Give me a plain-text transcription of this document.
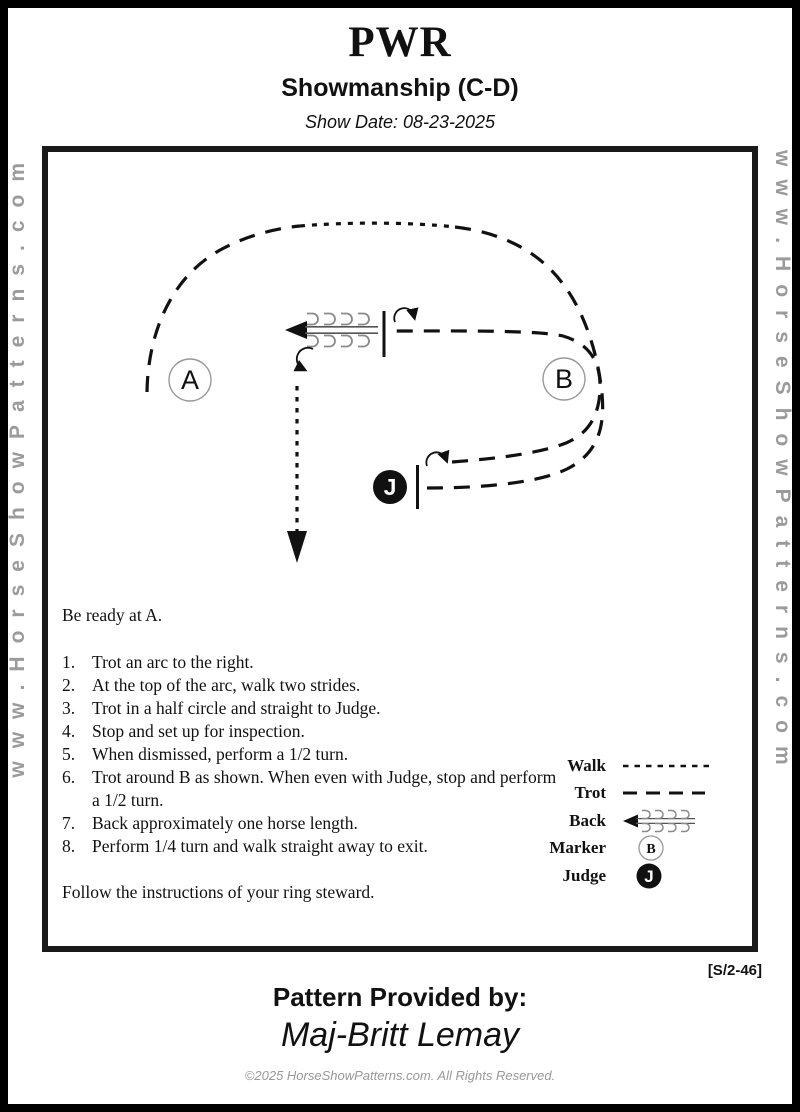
PWR
Showmanship (C-D)
Show Date: 08-23-2025
www.HorseShowPatterns.com	www.HorseShowPatterns.com
A	B
J
Be ready at A.
1. Trot an arc to the right.
2. At the top of the arc, walk two strides.
3. Trot in a half circle and straight to Judge.
4. Stop and set up for inspection.
5. When dismissed, perform a 1/2 turn.
6. Trot around B as shown. When even with Judge, stop and perform a 1/2 turn.
7. Back approximately one horse length.
8. Perform 1/4 turn and walk straight away to exit.
Follow the instructions of your ring steward.
Walk
Trot
Back
Marker	B
Judge J
[S/2-46]
Pattern Provided by:
Maj-Britt Lemay
©2025 HorseShowPatterns.com. All Rights Reserved.
